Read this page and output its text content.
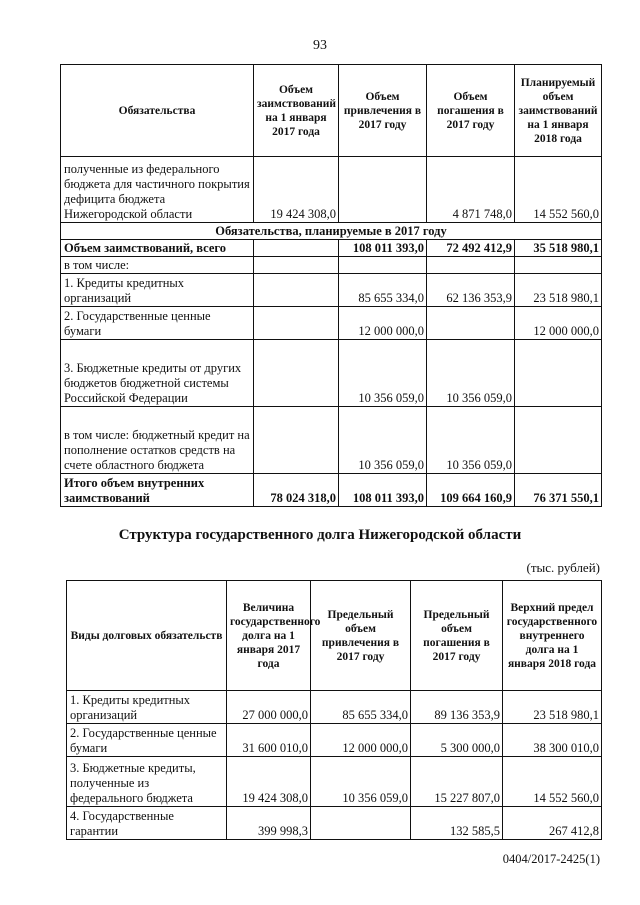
93
Обязательства	Объем заимствований на 1 января 2017 года	Объем привлечения в 2017 году	Объем погашения в 2017 году	Планируемый объем заимствований на 1 января 2018 года
полученные из федерального бюджета для частичного покрытия дефицита бюджета Нижегородской области	19 424 308,0		4 871 748,0	14 552 560,0
Обязательства, планируемые в 2017 году				
Объем заимствований, всего		108 011 393,0	72 492 412,9	35 518 980,1
в том числе:				
1. Кредиты кредитных организаций		85 655 334,0	62 136 353,9	23 518 980,1
2. Государственные ценные бумаги		12 000 000,0		12 000 000,0
3. Бюджетные кредиты от других бюджетов бюджетной системы Российской Федерации		10 356 059,0	10 356 059,0	
в том числе: бюджетный кредит на пополнение остатков средств на счете областного бюджета		10 356 059,0	10 356 059,0	
Итого объем внутренних заимствований	78 024 318,0	108 011 393,0	109 664 160,9	76 371 550,1
Структура государственного долга Нижегородской области
(тыс. рублей)
Виды долговых обязательств	Величина государственного долга на 1 января 2017 года	Предельный объем привлечения в 2017 году	Предельный объем погашения в 2017 году	Верхний предел государственного внутреннего долга на 1 января 2018 года
1. Кредиты кредитных организаций	27 000 000,0	85 655 334,0	89 136 353,9	23 518 980,1
2. Государственные ценные бумаги	31 600 010,0	12 000 000,0	5 300 000,0	38 300 010,0
3. Бюджетные кредиты, полученные из федерального бюджета	19 424 308,0	10 356 059,0	15 227 807,0	14 552 560,0
4. Государственные гарантии	399 998,3		132 585,5	267 412,8
0404/2017-2425(1)
